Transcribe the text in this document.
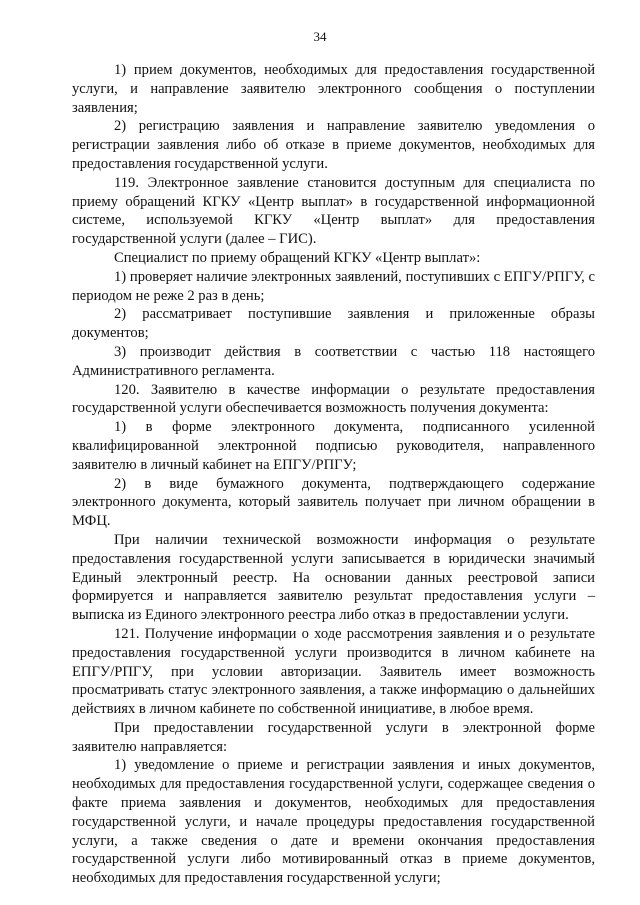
34

1) прием документов, необходимых для предоставления государственной услуги, и направление заявителю электронного сообщения о поступлении заявления;

2) регистрацию заявления и направление заявителю уведомления о регистрации заявления либо об отказе в приеме документов, необходимых для предоставления государственной услуги.

119. Электронное заявление становится доступным для специалиста по приему обращений КГКУ «Центр выплат» в государственной информационной системе, используемой КГКУ «Центр выплат» для предоставления государственной услуги (далее – ГИС).

Специалист по приему обращений КГКУ «Центр выплат»:

1) проверяет наличие электронных заявлений, поступивших с ЕПГУ/РПГУ, с периодом не реже 2 раз в день;

2) рассматривает поступившие заявления и приложенные образы документов;

3) производит действия в соответствии с частью 118 настоящего Административного регламента.

120. Заявителю в качестве информации о результате предоставления государственной услуги обеспечивается возможность получения документа:

1) в форме электронного документа, подписанного усиленной квалифицированной электронной подписью руководителя, направленного заявителю в личный кабинет на ЕПГУ/РПГУ;

2) в виде бумажного документа, подтверждающего содержание электронного документа, который заявитель получает при личном обращении в МФЦ.

При наличии технической возможности информация о результате предоставления государственной услуги записывается в юридически значимый Единый электронный реестр. На основании данных реестровой записи формируется и направляется заявителю результат предоставления услуги – выписка из Единого электронного реестра либо отказ в предоставлении услуги.

121. Получение информации о ходе рассмотрения заявления и о результате предоставления государственной услуги производится в личном кабинете на ЕПГУ/РПГУ, при условии авторизации. Заявитель имеет возможность просматривать статус электронного заявления, а также информацию о дальнейших действиях в личном кабинете по собственной инициативе, в любое время.

При предоставлении государственной услуги в электронной форме заявителю направляется:

1) уведомление о приеме и регистрации заявления и иных документов, необходимых для предоставления государственной услуги, содержащее сведения о факте приема заявления и документов, необходимых для предоставления государственной услуги, и начале процедуры предоставления государственной услуги, а также сведения о дате и времени окончания предоставления государственной услуги либо мотивированный отказ в приеме документов, необходимых для предоставления государственной услуги;
